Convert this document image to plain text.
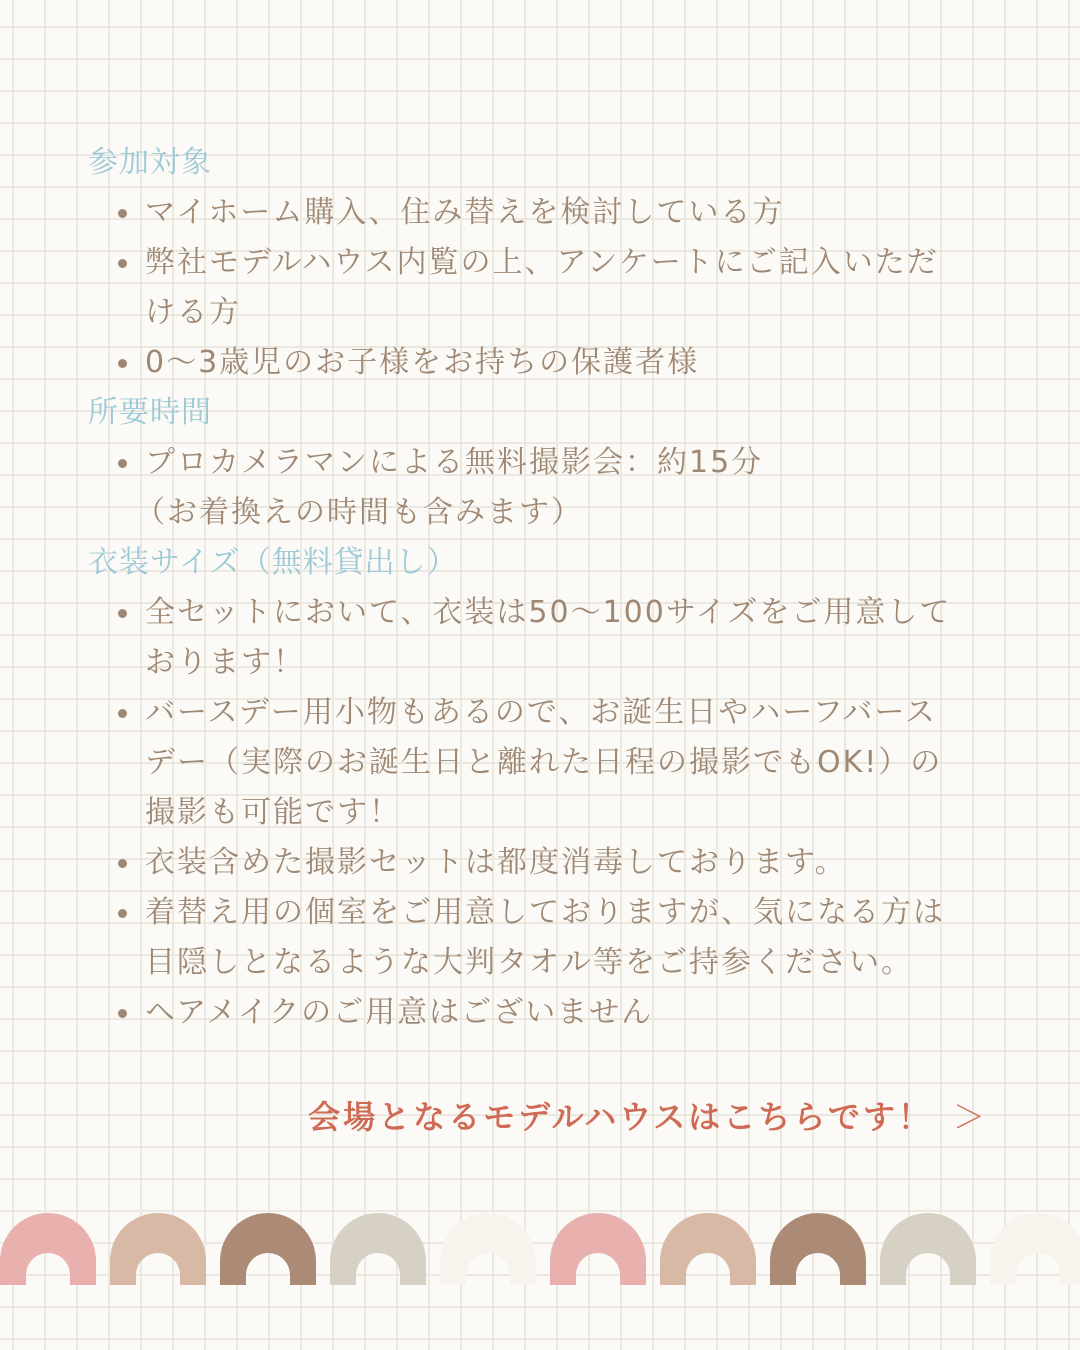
参加対象
マイホーム購入、住み替えを検討している方
弊社モデルハウス内覧の上、アンケートにご記入いただ
ける方
0〜3歳児のお子様をお持ちの保護者様
所要時間
プロカメラマンによる無料撮影会：約15分
（お着換えの時間も含みます）
衣装サイズ（無料貸出し）
全セットにおいて、衣装は50〜100サイズをご用意して
おります！
バースデー用小物もあるので、お誕生日やハーフバース
デー（実際のお誕生日と離れた日程の撮影でもOK!）の
撮影も可能です！
衣装含めた撮影セットは都度消毒しております。
着替え用の個室をご用意しておりますが、気になる方は
目隠しとなるような大判タオル等をご持参ください。
ヘアメイクのご用意はございません
会場となるモデルハウスはこちらです！ ＞
